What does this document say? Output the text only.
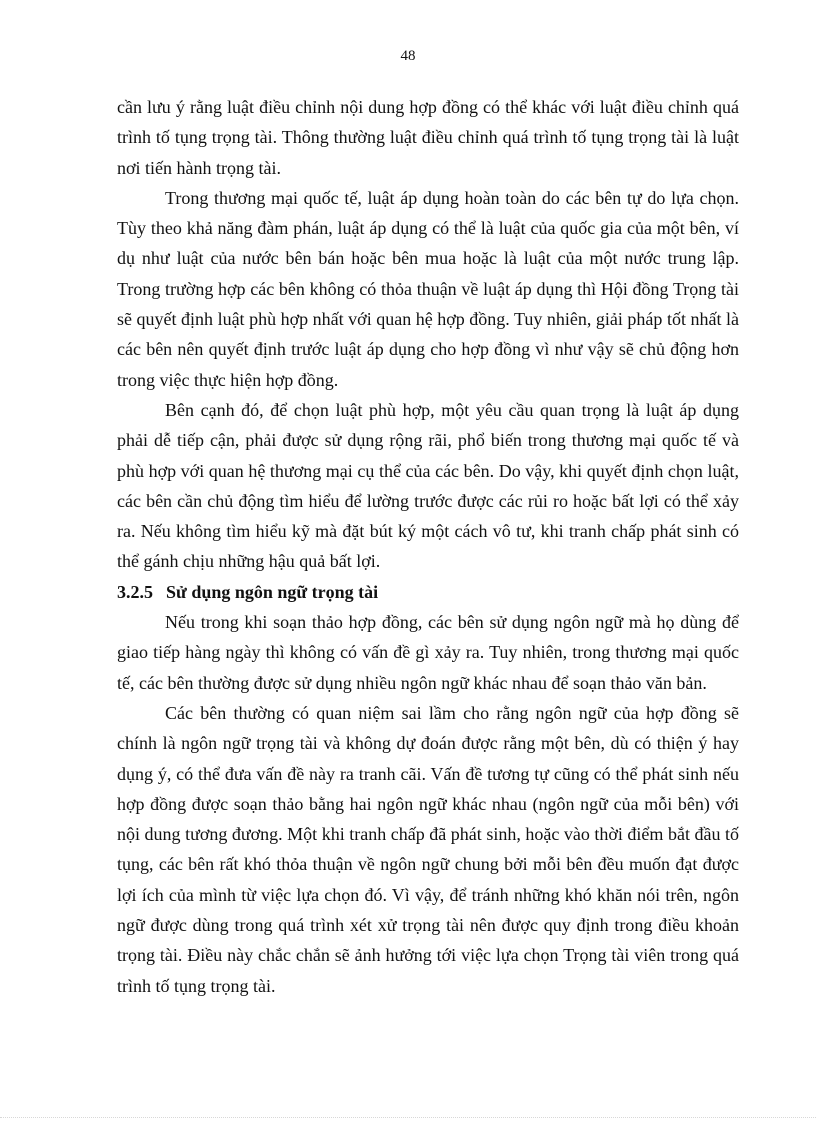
48

cần lưu ý rằng luật điều chỉnh nội dung hợp đồng có thể khác với luật điều chỉnh quá trình tố tụng trọng tài. Thông thường luật điều chỉnh quá trình tố tụng trọng tài là luật nơi tiến hành trọng tài.

Trong thương mại quốc tế, luật áp dụng hoàn toàn do các bên tự do lựa chọn. Tùy theo khả năng đàm phán, luật áp dụng có thể là luật của quốc gia của một bên, ví dụ như luật của nước bên bán hoặc bên mua hoặc là luật của một nước trung lập. Trong trường hợp các bên không có thỏa thuận về luật áp dụng thì Hội đồng Trọng tài sẽ quyết định luật phù hợp nhất với quan hệ hợp đồng. Tuy nhiên, giải pháp tốt nhất là các bên nên quyết định trước luật áp dụng cho hợp đồng vì như vậy sẽ chủ động hơn trong việc thực hiện hợp đồng.

Bên cạnh đó, để chọn luật phù hợp, một yêu cầu quan trọng là luật áp dụng phải dễ tiếp cận, phải được sử dụng rộng rãi, phổ biến trong thương mại quốc tế và phù hợp với quan hệ thương mại cụ thể của các bên. Do vậy, khi quyết định chọn luật, các bên cần chủ động tìm hiểu để lường trước được các rủi ro hoặc bất lợi có thể xảy ra. Nếu không tìm hiểu kỹ mà đặt bút ký một cách vô tư, khi tranh chấp phát sinh có thể gánh chịu những hậu quả bất lợi.

3.2.5 Sử dụng ngôn ngữ trọng tài

Nếu trong khi soạn thảo hợp đồng, các bên sử dụng ngôn ngữ mà họ dùng để giao tiếp hàng ngày thì không có vấn đề gì xảy ra. Tuy nhiên, trong thương mại quốc tế, các bên thường được sử dụng nhiều ngôn ngữ khác nhau để soạn thảo văn bản.

Các bên thường có quan niệm sai lầm cho rằng ngôn ngữ của hợp đồng sẽ chính là ngôn ngữ trọng tài và không dự đoán được rằng một bên, dù có thiện ý hay dụng ý, có thể đưa vấn đề này ra tranh cãi. Vấn đề tương tự cũng có thể phát sinh nếu hợp đồng được soạn thảo bằng hai ngôn ngữ khác nhau (ngôn ngữ của mỗi bên) với nội dung tương đương. Một khi tranh chấp đã phát sinh, hoặc vào thời điểm bắt đầu tố tụng, các bên rất khó thỏa thuận về ngôn ngữ chung bởi mỗi bên đều muốn đạt được lợi ích của mình từ việc lựa chọn đó. Vì vậy, để tránh những khó khăn nói trên, ngôn ngữ được dùng trong quá trình xét xử trọng tài nên được quy định trong điều khoản trọng tài. Điều này chắc chắn sẽ ảnh hưởng tới việc lựa chọn Trọng tài viên trong quá trình tố tụng trọng tài.
